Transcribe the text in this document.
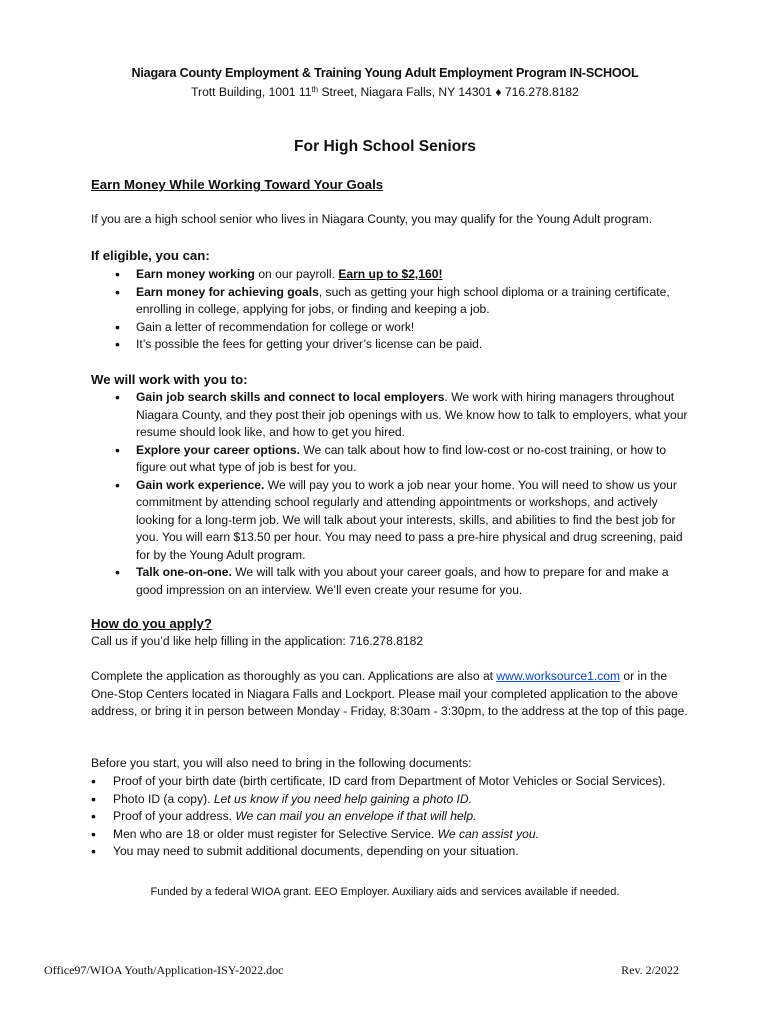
Niagara County Employment & Training Young Adult Employment Program IN-SCHOOL
Trott Building, 1001 11th Street, Niagara Falls, NY 14301 ♦ 716.278.8182
For High School Seniors
Earn Money While Working Toward Your Goals
If you are a high school senior who lives in Niagara County, you may qualify for the Young Adult program.
If eligible, you can:
• Earn money working on our payroll. Earn up to $2,160!
• Earn money for achieving goals, such as getting your high school diploma or a training certificate, enrolling in college, applying for jobs, or finding and keeping a job.
• Gain a letter of recommendation for college or work!
• It’s possible the fees for getting your driver’s license can be paid.
We will work with you to:
• Gain job search skills and connect to local employers. We work with hiring managers throughout Niagara County, and they post their job openings with us. We know how to talk to employers, what your resume should look like, and how to get you hired.
• Explore your career options. We can talk about how to find low-cost or no-cost training, or how to figure out what type of job is best for you.
• Gain work experience. We will pay you to work a job near your home. You will need to show us your commitment by attending school regularly and attending appointments or workshops, and actively looking for a long-term job. We will talk about your interests, skills, and abilities to find the best job for you. You will earn $13.50 per hour. You may need to pass a pre-hire physical and drug screening, paid for by the Young Adult program.
• Talk one-on-one. We will talk with you about your career goals, and how to prepare for and make a good impression on an interview. We’ll even create your resume for you.
How do you apply?
Call us if you’d like help filling in the application: 716.278.8182
Complete the application as thoroughly as you can. Applications are also at www.worksource1.com or in the One-Stop Centers located in Niagara Falls and Lockport. Please mail your completed application to the above address, or bring it in person between Monday - Friday, 8:30am - 3:30pm, to the address at the top of this page.
Before you start, you will also need to bring in the following documents:
• Proof of your birth date (birth certificate, ID card from Department of Motor Vehicles or Social Services).
• Photo ID (a copy). Let us know if you need help gaining a photo ID.
• Proof of your address. We can mail you an envelope if that will help.
• Men who are 18 or older must register for Selective Service. We can assist you.
• You may need to submit additional documents, depending on your situation.
Funded by a federal WIOA grant. EEO Employer. Auxiliary aids and services available if needed.
Office97/WIOA Youth/Application-ISY-2022.doc	Rev. 2/2022
